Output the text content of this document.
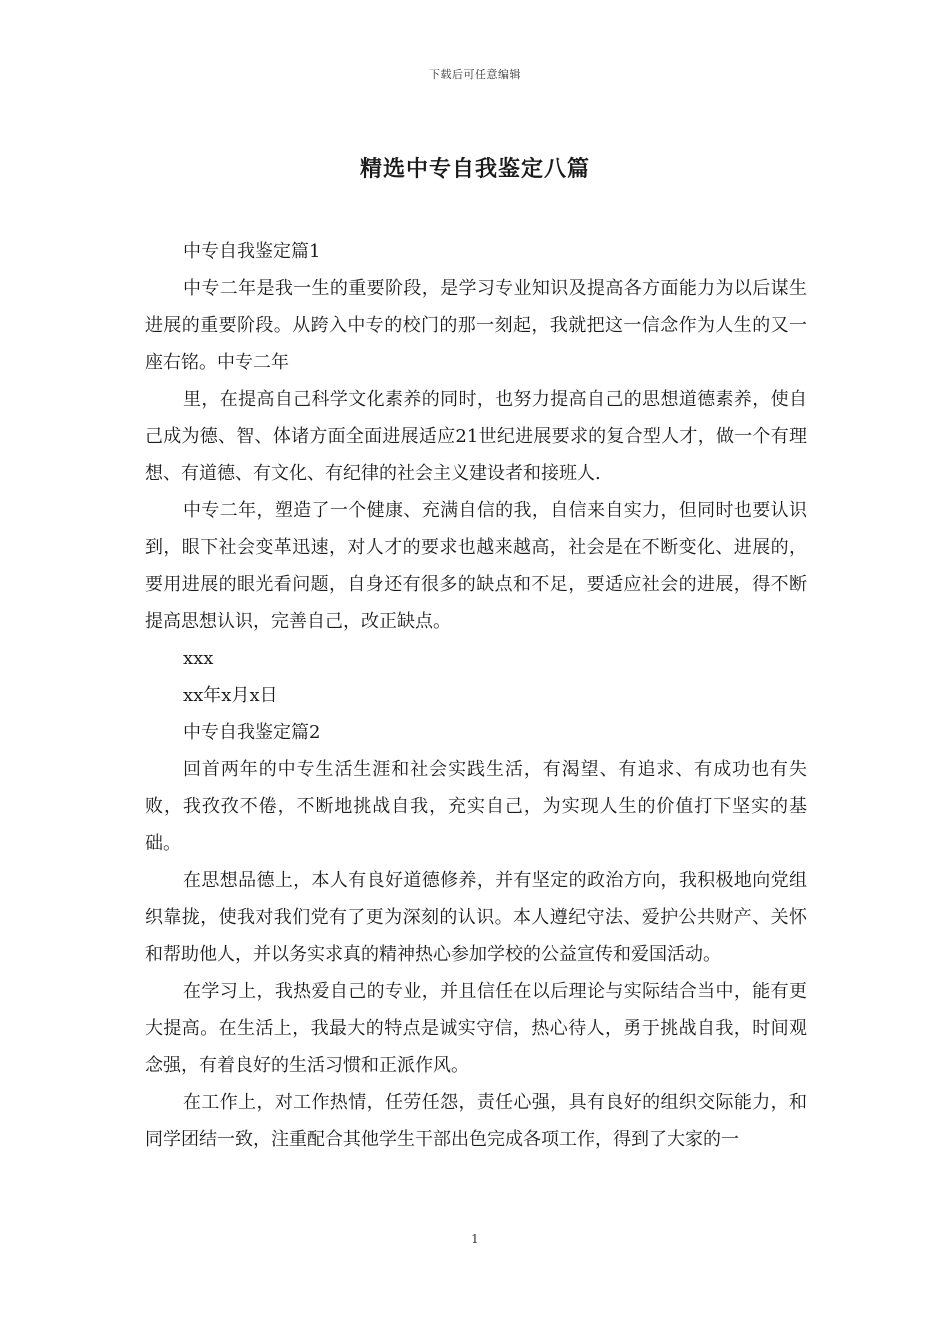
下载后可任意编辑
精选中专自我鉴定八篇

中专自我鉴定篇1

中专二年是我一生的重要阶段，是学习专业知识及提高各方面能力为以后谋生进展的重要阶段。从跨入中专的校门的那一刻起，我就把这一信念作为人生的又一座右铭。中专二年

里，在提高自己科学文化素养的同时，也努力提高自己的思想道德素养，使自己成为德、智、体诸方面全面进展适应21世纪进展要求的复合型人才，做一个有理想、有道德、有文化、有纪律的社会主义建设者和接班人.

中专二年，塑造了一个健康、充满自信的我，自信来自实力，但同时也要认识到，眼下社会变革迅速，对人才的要求也越来越高，社会是在不断变化、进展的，要用进展的眼光看问题，自身还有很多的缺点和不足，要适应社会的进展，得不断提高思想认识，完善自己，改正缺点。

xxx

xx年x月x日

中专自我鉴定篇2

回首两年的中专生活生涯和社会实践生活，有渴望、有追求、有成功也有失败，我孜孜不倦，不断地挑战自我，充实自己，为实现人生的价值打下坚实的基础。

在思想品德上，本人有良好道德修养，并有坚定的政治方向，我积极地向党组织靠拢，使我对我们党有了更为深刻的认识。本人遵纪守法、爱护公共财产、关怀和帮助他人，并以务实求真的精神热心参加学校的公益宣传和爱国活动。

在学习上，我热爱自己的专业，并且信任在以后理论与实际结合当中，能有更大提高。在生活上，我最大的特点是诚实守信，热心待人，勇于挑战自我，时间观念强，有着良好的生活习惯和正派作风。

在工作上，对工作热情，任劳任怨，责任心强，具有良好的组织交际能力，和同学团结一致，注重配合其他学生干部出色完成各项工作，得到了大家的一

1
